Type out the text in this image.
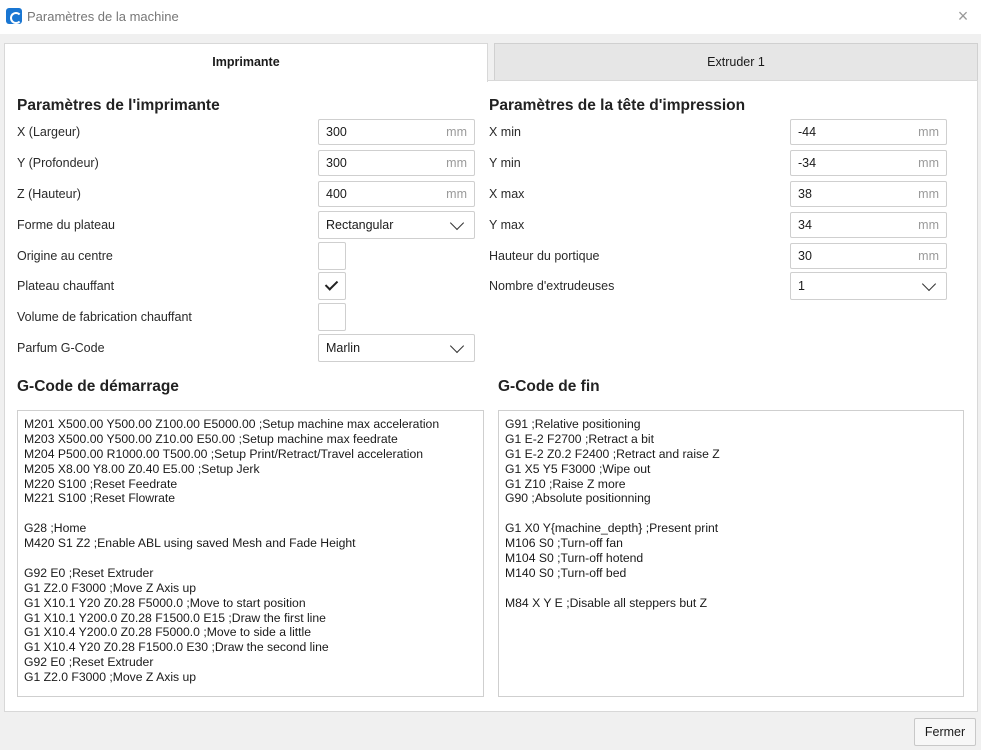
Paramètres de la machine	×
Imprimante	Extruder 1
Paramètres de l'imprimante
X (Largeur)	300	mm
Y (Profondeur)	300	mm
Z (Hauteur)	400	mm
Forme du plateau	Rectangular
Origine au centre
Plateau chauffant
Volume de fabrication chauffant
Parfum G-Code	Marlin
Paramètres de la tête d'impression
X min	-44	mm
Y min	-34	mm
X max	38	mm
Y max	34	mm
Hauteur du portique	30	mm
Nombre d'extrudeuses	1
G-Code de démarrage
M201 X500.00 Y500.00 Z100.00 E5000.00 ;Setup machine max acceleration
M203 X500.00 Y500.00 Z10.00 E50.00 ;Setup machine max feedrate
M204 P500.00 R1000.00 T500.00 ;Setup Print/Retract/Travel acceleration
M205 X8.00 Y8.00 Z0.40 E5.00 ;Setup Jerk
M220 S100 ;Reset Feedrate
M221 S100 ;Reset Flowrate
G28 ;Home
M420 S1 Z2 ;Enable ABL using saved Mesh and Fade Height
G92 E0 ;Reset Extruder
G1 Z2.0 F3000 ;Move Z Axis up
G1 X10.1 Y20 Z0.28 F5000.0 ;Move to start position
G1 X10.1 Y200.0 Z0.28 F1500.0 E15 ;Draw the first line
G1 X10.4 Y200.0 Z0.28 F5000.0 ;Move to side a little
G1 X10.4 Y20 Z0.28 F1500.0 E30 ;Draw the second line
G92 E0 ;Reset Extruder
G1 Z2.0 F3000 ;Move Z Axis up
G-Code de fin
G91 ;Relative positioning
G1 E-2 F2700 ;Retract a bit
G1 E-2 Z0.2 F2400 ;Retract and raise Z
G1 X5 Y5 F3000 ;Wipe out
G1 Z10 ;Raise Z more
G90 ;Absolute positionning
G1 X0 Y{machine_depth} ;Present print
M106 S0 ;Turn-off fan
M104 S0 ;Turn-off hotend
M140 S0 ;Turn-off bed
M84 X Y E ;Disable all steppers but Z
Fermer
